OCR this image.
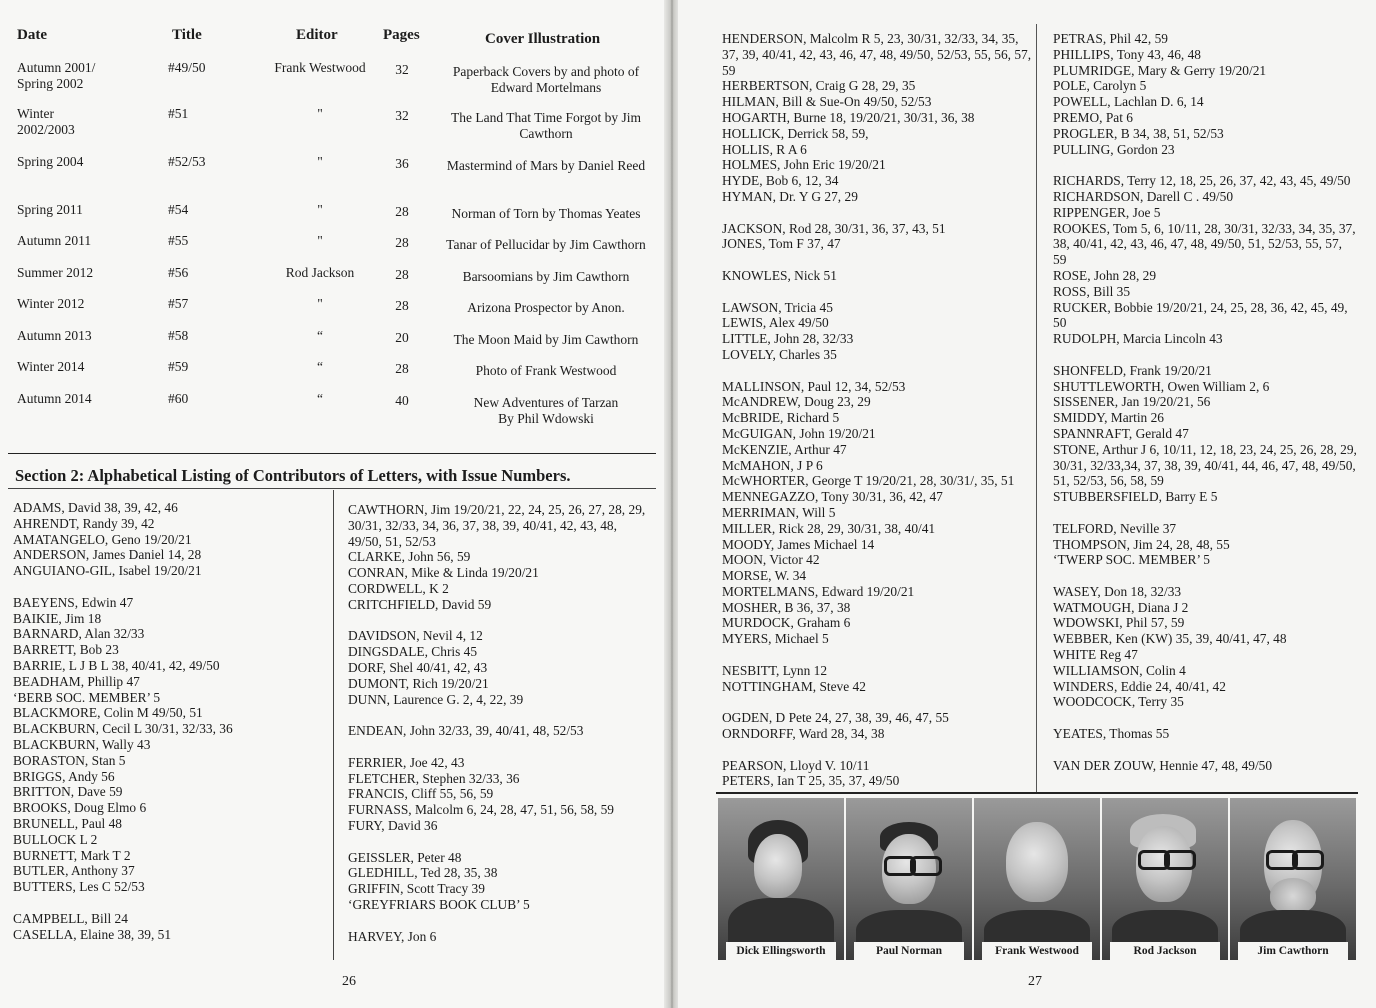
Date	Title	Editor	Pages	Cover Illustration
Autumn 2001/
Spring 2002
#49/50	Frank Westwood	32	Paperback Covers by and photo of Edward Mortelmans
Winter
2002/2003
#51	"	32	The Land That Time Forgot by Jim Cawthorn
Spring 2004	#52/53	"	36	Mastermind of Mars by Daniel Reed
Spring 2011	#54	"	28	Norman of Torn by Thomas Yeates
Autumn 2011	#55	"	28	Tanar of Pellucidar by Jim Cawthorn
Summer 2012	#56	Rod Jackson	28	Barsoomians by Jim Cawthorn
Winter 2012	#57	"	28	Arizona Prospector by Anon.
Autumn 2013	#58	“	20	The Moon Maid by Jim Cawthorn
Winter 2014	#59	“	28	Photo of Frank Westwood
Autumn 2014	#60	“	40	New Adventures of Tarzan
By Phil Wdowski
Section 2: Alphabetical Listing of Contributors of Letters, with Issue Numbers.
ADAMS, David 38, 39, 42, 46
AHRENDT, Randy 39, 42
AMATANGELO, Geno 19/20/21
ANDERSON, James Daniel 14, 28
ANGUIANO-GIL, Isabel 19/20/21
BAEYENS, Edwin 47
BAIKIE, Jim 18
BARNARD, Alan 32/33
BARRETT, Bob 23
BARRIE, L J B L 38, 40/41, 42, 49/50
BEADHAM, Phillip 47
‘BERB SOC. MEMBER’ 5
BLACKMORE, Colin M 49/50, 51
BLACKBURN, Cecil L 30/31, 32/33, 36
BLACKBURN, Wally 43
BORASTON, Stan 5
BRIGGS, Andy 56
BRITTON, Dave 59
BROOKS, Doug Elmo 6
BRUNELL, Paul 48
BULLOCK L 2
BURNETT, Mark T 2
BUTLER, Anthony 37
BUTTERS, Les C 52/53
CAMPBELL, Bill 24
CASELLA, Elaine 38, 39, 51
CAWTHORN, Jim 19/20/21, 22, 24, 25, 26, 27, 28, 29, 30/31, 32/33, 34, 36, 37, 38, 39, 40/41, 42, 43, 48, 49/50, 51, 52/53
CLARKE, John 56, 59
CONRAN, Mike & Linda 19/20/21
CORDWELL, K 2
CRITCHFIELD, David 59
DAVIDSON, Nevil 4, 12
DINGSDALE, Chris 45
DORF, Shel 40/41, 42, 43
DUMONT, Rich 19/20/21
DUNN, Laurence G. 2, 4, 22, 39
ENDEAN, John 32/33, 39, 40/41, 48, 52/53
FERRIER, Joe 42, 43
FLETCHER, Stephen 32/33, 36
FRANCIS, Cliff 55, 56, 59
FURNASS, Malcolm 6, 24, 28, 47, 51, 56, 58, 59
FURY, David 36
GEISSLER, Peter 48
GLEDHILL, Ted 28, 35, 38
GRIFFIN, Scott Tracy 39
‘GREYFRIARS BOOK CLUB’ 5
HARVEY, Jon 6
26
HENDERSON, Malcolm R 5, 23, 30/31, 32/33, 34, 35, 37, 39, 40/41, 42, 43, 46, 47, 48, 49/50, 52/53, 55, 56, 57, 59
HERBERTSON, Craig G 28, 29, 35
HILMAN, Bill & Sue-On 49/50, 52/53
HOGARTH, Burne 18, 19/20/21, 30/31, 36, 38
HOLLICK, Derrick 58, 59,
HOLLIS, R A 6
HOLMES, John Eric 19/20/21
HYDE, Bob 6, 12, 34
HYMAN, Dr. Y G 27, 29
JACKSON, Rod 28, 30/31, 36, 37, 43, 51
JONES, Tom F 37, 47
KNOWLES, Nick 51
LAWSON, Tricia 45
LEWIS, Alex 49/50
LITTLE, John 28, 32/33
LOVELY, Charles 35
MALLINSON, Paul 12, 34, 52/53
McANDREW, Doug 23, 29
McBRIDE, Richard 5
McGUIGAN, John 19/20/21
McKENZIE, Arthur 47
McMAHON, J P 6
McWHORTER, George T 19/20/21, 28, 30/31/, 35, 51
MENNEGAZZO, Tony 30/31, 36, 42, 47
MERRIMAN, Will 5
MILLER, Rick 28, 29, 30/31, 38, 40/41
MOODY, James Michael 14
MOON, Victor 42
MORSE, W. 34
MORTELMANS, Edward 19/20/21
MOSHER, B 36, 37, 38
MURDOCK, Graham 6
MYERS, Michael 5
NESBITT, Lynn 12
NOTTINGHAM, Steve 42
OGDEN, D Pete 24, 27, 38, 39, 46, 47, 55
ORNDORFF, Ward 28, 34, 38
PEARSON, Lloyd V. 10/11
PETERS, Ian T 25, 35, 37, 49/50
PETRAS, Phil 42, 59
PHILLIPS, Tony 43, 46, 48
PLUMRIDGE, Mary & Gerry 19/20/21
POLE, Carolyn 5
POWELL, Lachlan D. 6, 14
PREMO, Pat 6
PROGLER, B 34, 38, 51, 52/53
PULLING, Gordon 23
RICHARDS, Terry 12, 18, 25, 26, 37, 42, 43, 45, 49/50
RICHARDSON, Darell C . 49/50
RIPPENGER, Joe 5
ROOKES, Tom 5, 6, 10/11, 28, 30/31, 32/33, 34, 35, 37, 38, 40/41, 42, 43, 46, 47, 48, 49/50, 51, 52/53, 55, 57, 59
ROSE, John 28, 29
ROSS, Bill 35
RUCKER, Bobbie 19/20/21, 24, 25, 28, 36, 42, 45, 49, 50
RUDOLPH, Marcia Lincoln 43
SHONFELD, Frank 19/20/21
SHUTTLEWORTH, Owen William 2, 6
SISSENER, Jan 19/20/21, 56
SMIDDY, Martin 26
SPANNRAFT, Gerald 47
STONE, Arthur J 6, 10/11, 12, 18, 23, 24, 25, 26, 28, 29, 30/31, 32/33,34, 37, 38, 39, 40/41, 44, 46, 47, 48, 49/50, 51, 52/53, 56, 58, 59
STUBBERSFIELD, Barry E 5
TELFORD, Neville 37
THOMPSON, Jim 24, 28, 48, 55
‘TWERP SOC. MEMBER’ 5
WASEY, Don 18, 32/33
WATMOUGH, Diana J 2
WDOWSKI, Phil 57, 59
WEBBER, Ken (KW) 35, 39, 40/41, 47, 48
WHITE Reg 47
WILLIAMSON, Colin 4
WINDERS, Eddie 24, 40/41, 42
WOODCOCK, Terry 35
YEATES, Thomas 55
VAN DER ZOUW, Hennie 47, 48, 49/50
Dick Ellingsworth	Paul Norman	Frank Westwood	Rod Jackson	Jim Cawthorn
27
